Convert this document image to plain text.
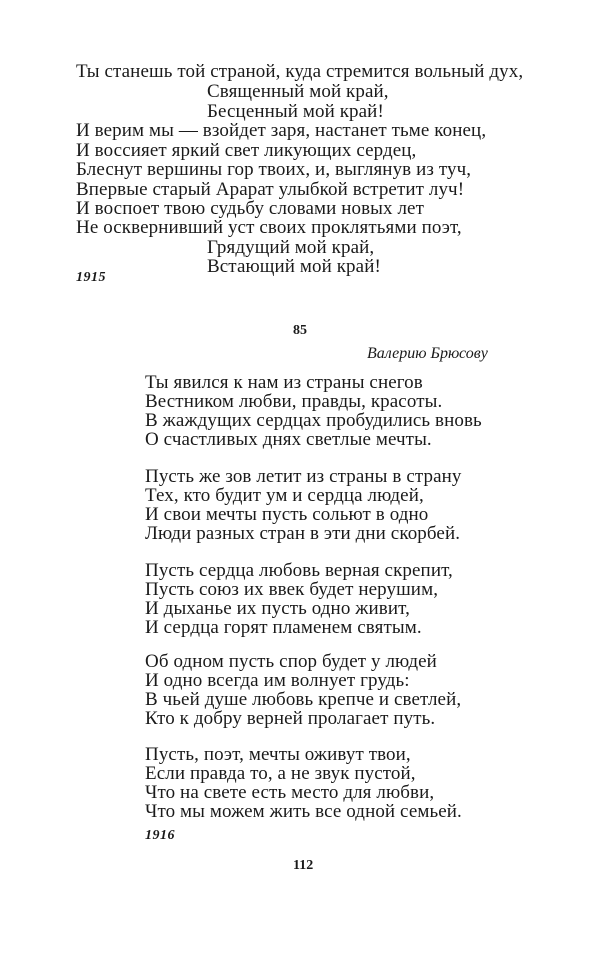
Ты станешь той страной, куда стремится вольный дух,
Священный мой край,
Бесценный мой край!
И верим мы — взойдет заря, настанет тьме конец,
И воссияет яркий свет ликующих сердец,
Блеснут вершины гор твоих, и, выглянув из туч,
Впервые старый Арарат улыбкой встретит луч!
И воспоет твою судьбу словами новых лет
Не осквернивший уст своих проклятьями поэт,
Грядущий мой край,
Встающий мой край!
1915
85
Валерию Брюсову
Ты явился к нам из страны снегов
Вестником любви, правды, красоты.
В жаждущих сердцах пробудились вновь
О счастливых днях светлые мечты.
Пусть же зов летит из страны в страну
Тех, кто будит ум и сердца людей,
И свои мечты пусть сольют в одно
Люди разных стран в эти дни скорбей.
Пусть сердца любовь верная скрепит,
Пусть союз их ввек будет нерушим,
И дыханье их пусть одно живит,
И сердца горят пламенем святым.
Об одном пусть спор будет у людей
И одно всегда им волнует грудь:
В чьей душе любовь крепче и светлей,
Кто к добру верней пролагает путь.
Пусть, поэт, мечты оживут твои,
Если правда то, а не звук пустой,
Что на свете есть место для любви,
Что мы можем жить все одной семьей.
1916
112
